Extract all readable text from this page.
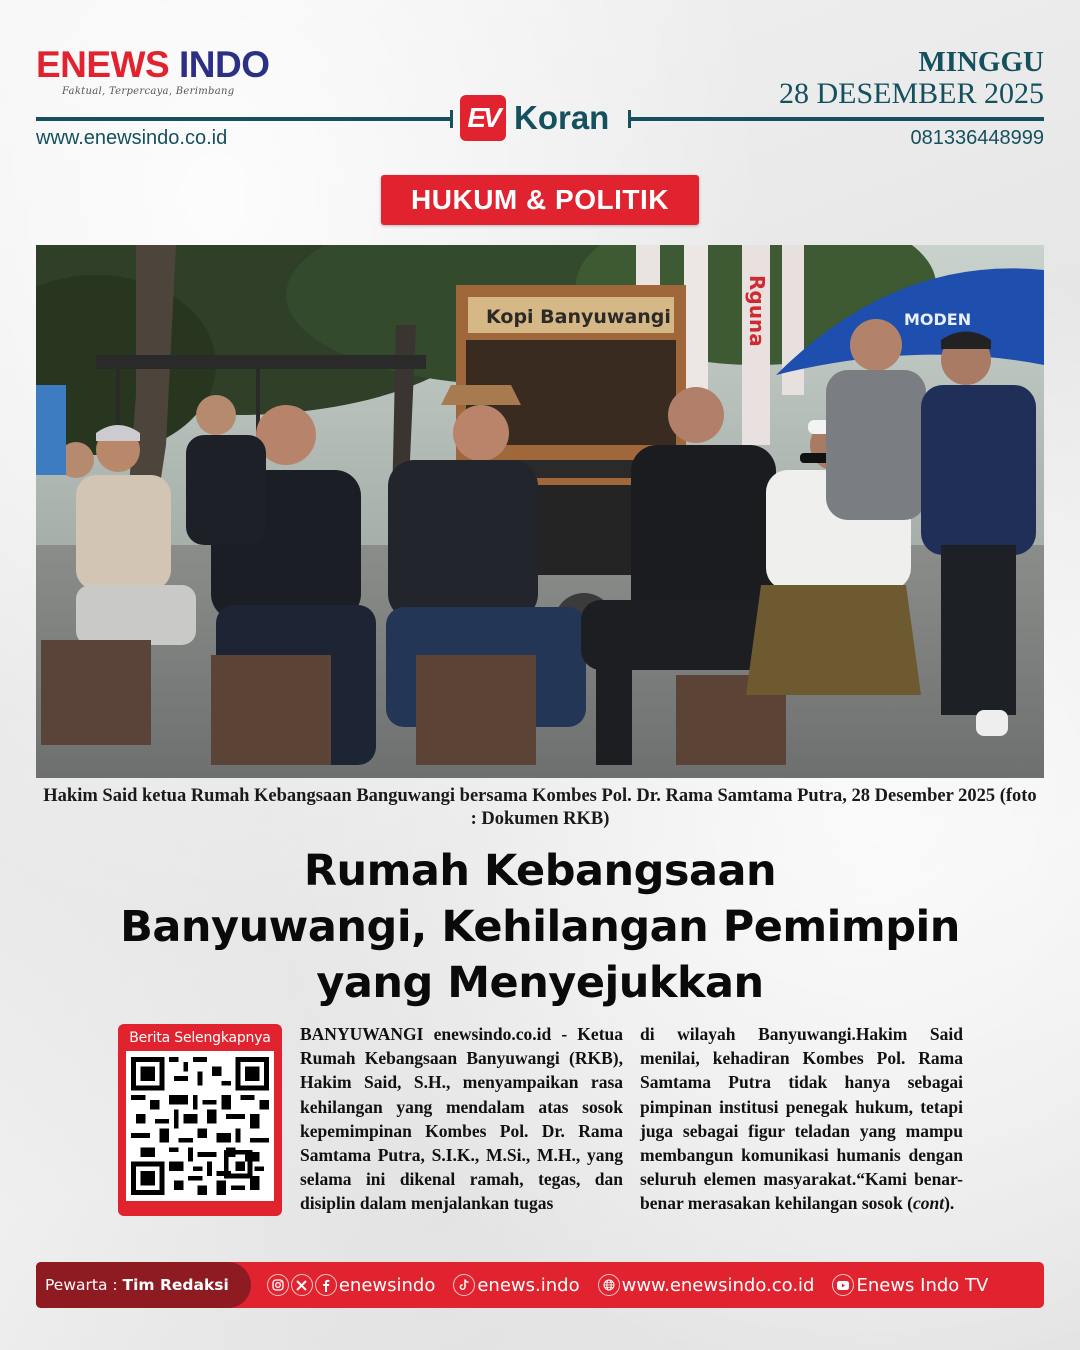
ENEWS INDO
Faktual, Terpercaya, Berimbang
MINGGU
28 DESEMBER 2025
EV Koran
www.enewsindo.co.id	081336448999
HUKUM & POLITIK
Rguna	MODEN
Kopi Banyuwangi
Hakim Said ketua Rumah Kebangsaan Banguwangi bersama Kombes Pol. Dr. Rama Samtama Putra, 28 Desember 2025 (foto : Dokumen RKB)
Rumah Kebangsaan
Banyuwangi, Kehilangan Pemimpin
yang Menyejukkan
Berita Selengkapnya BANYUWANGI enewsindo.co.id - Ketua Rumah Kebangsaan Banyuwangi (RKB), Hakim Said, S.H., menyampaikan rasa kehilangan yang mendalam atas sosok kepemimpinan Kombes Pol. Dr. Rama Samtama Putra, S.I.K., M.Si., M.H., yang selama ini dikenal ramah, tegas, dan disiplin dalam menjalankan tugas
di wilayah Banyuwangi.Hakim Said menilai, kehadiran Kombes Pol. Rama Samtama Putra tidak hanya sebagai pimpinan institusi penegak hukum, tetapi juga sebagai figur teladan yang mampu membangun komunikasi humanis dengan seluruh elemen masyarakat.“Kami benar-benar merasakan kehilangan sosok (cont).
Pewarta :
Tim Redaksi	enewsindo enews.indo www.enewsindo.co.id Enews Indo TV
